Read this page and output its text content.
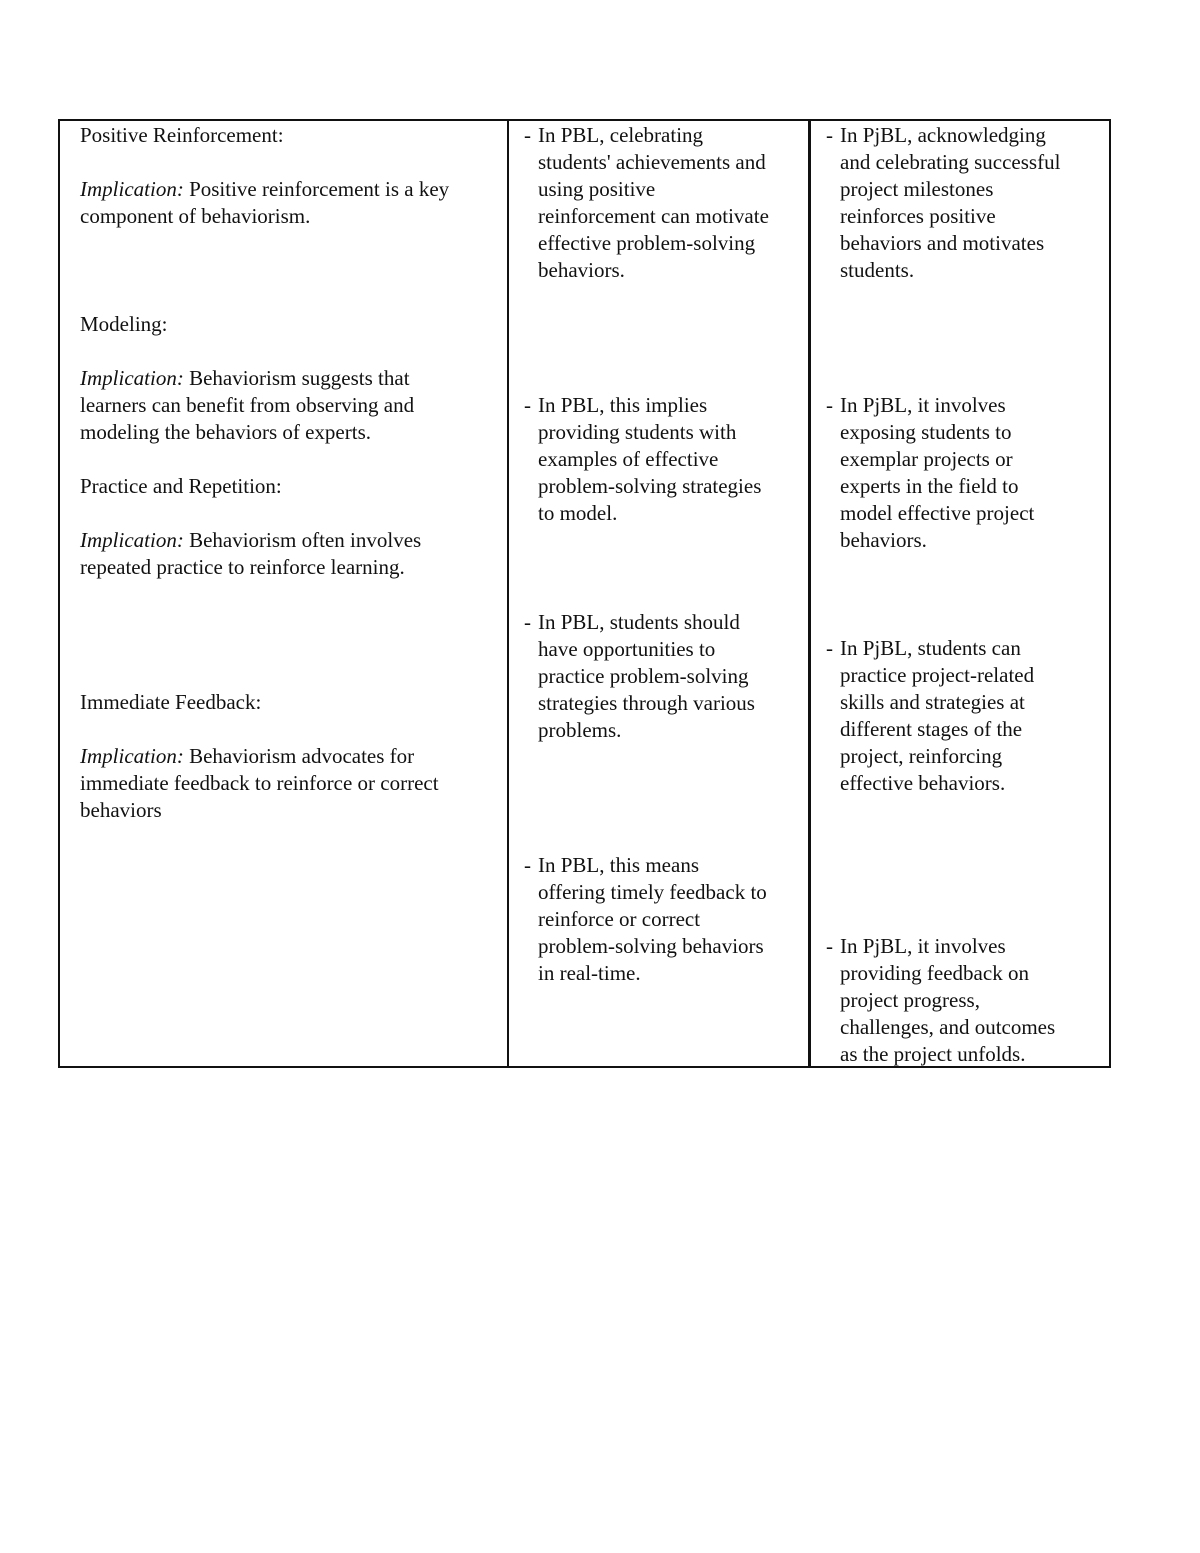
Positive Reinforcement:

Implication: Positive reinforcement is a key

component of behaviorism.

Modeling:

Implication: Behaviorism suggests that

learners can benefit from observing and

modeling the behaviors of experts.

Practice and Repetition:

Implication: Behaviorism often involves

repeated practice to reinforce learning.

Immediate Feedback:

Implication: Behaviorism advocates for

immediate feedback to reinforce or correct

behaviors

- In PBL, celebrating

students' achievements and

using positive

reinforcement can motivate

effective problem-solving

behaviors.

- In PBL, this implies

providing students with

examples of effective

problem-solving strategies

to model.

- In PBL, students should

have opportunities to

practice problem-solving

strategies through various

problems.

- In PBL, this means

offering timely feedback to

reinforce or correct

problem-solving behaviors

in real-time.

- In PjBL, acknowledging

and celebrating successful

project milestones

reinforces positive

behaviors and motivates

students.

- In PjBL, it involves

exposing students to

exemplar projects or

experts in the field to

model effective project

behaviors.

- In PjBL, students can

practice project-related

skills and strategies at

different stages of the

project, reinforcing

effective behaviors.

- In PjBL, it involves

providing feedback on

project progress,

challenges, and outcomes

as the project unfolds.
